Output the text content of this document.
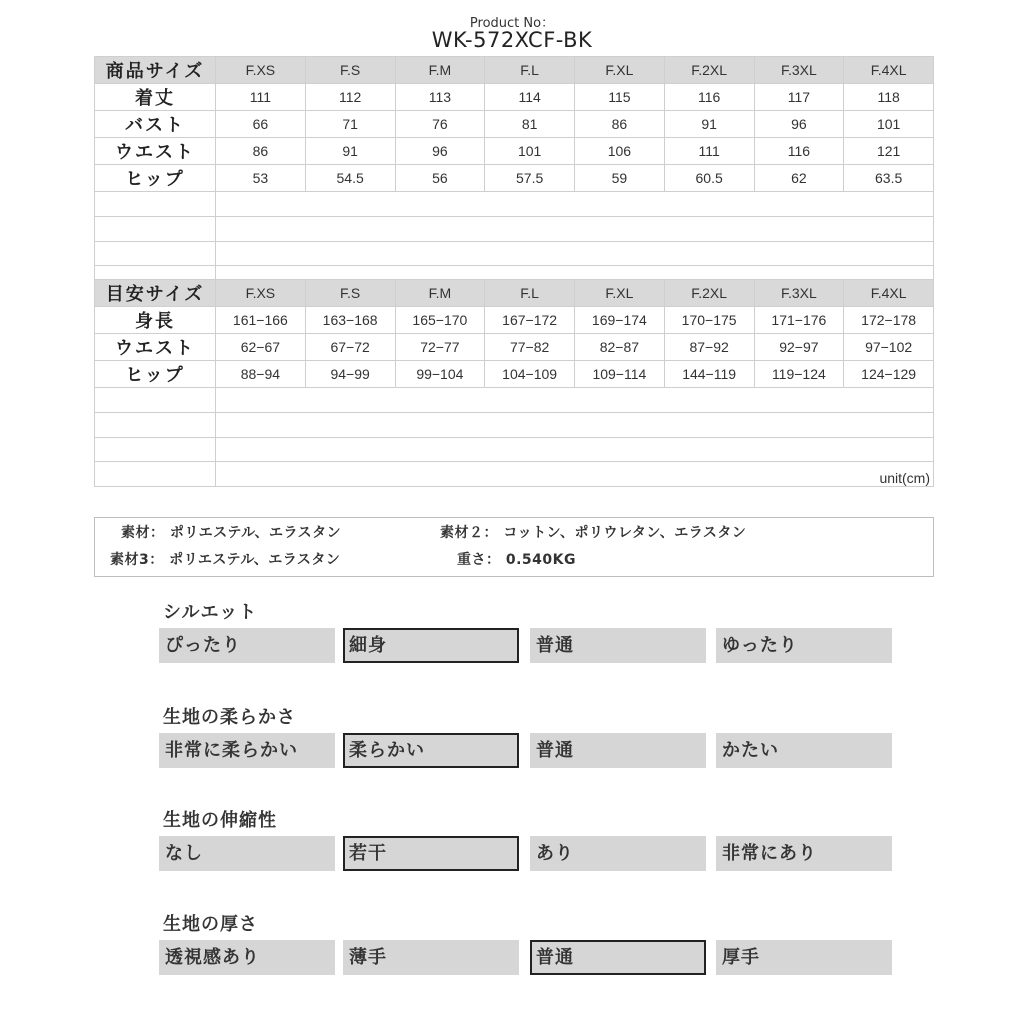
Product No：
WK-572XCF-BK
商品サイズ	F.XS	F.S	F.M	F.L	F.XL	F.2XL	F.3XL	F.4XL
着丈	111	112	113	114	115	116	117	118
バスト	66	71	76	81	86	91	96	101
ウエスト	86	91	96	101	106	111	116	121
ヒップ	53	54.5	56	57.5	59	60.5	62	63.5

目安サイズ	F.XS	F.S	F.M	F.L	F.XL	F.2XL	F.3XL	F.4XL
身長	161−166	163−168	165−170	167−172	169−174	170−175	171−176	172−178
ウエスト	62−67	67−72	72−77	77−82	82−87	87−92	92−97	97−102
ヒップ	88−94	94−99	99−104	104−109	109−114	144−119	119−124	124−129

	unit(cm)							
素材： ポリエステル、エラスタン	素材２： コットン、ポリウレタン、エラスタン
素材3： ポリエステル、エラスタン	重さ： 0.540KG
シルエット
ぴったり	細身	普通	ゆったり
生地の柔らかさ
非常に柔らかい	柔らかい	普通	かたい
生地の伸縮性
なし	若干	あり	非常にあり
生地の厚さ
透視感あり	薄手	普通	厚手
